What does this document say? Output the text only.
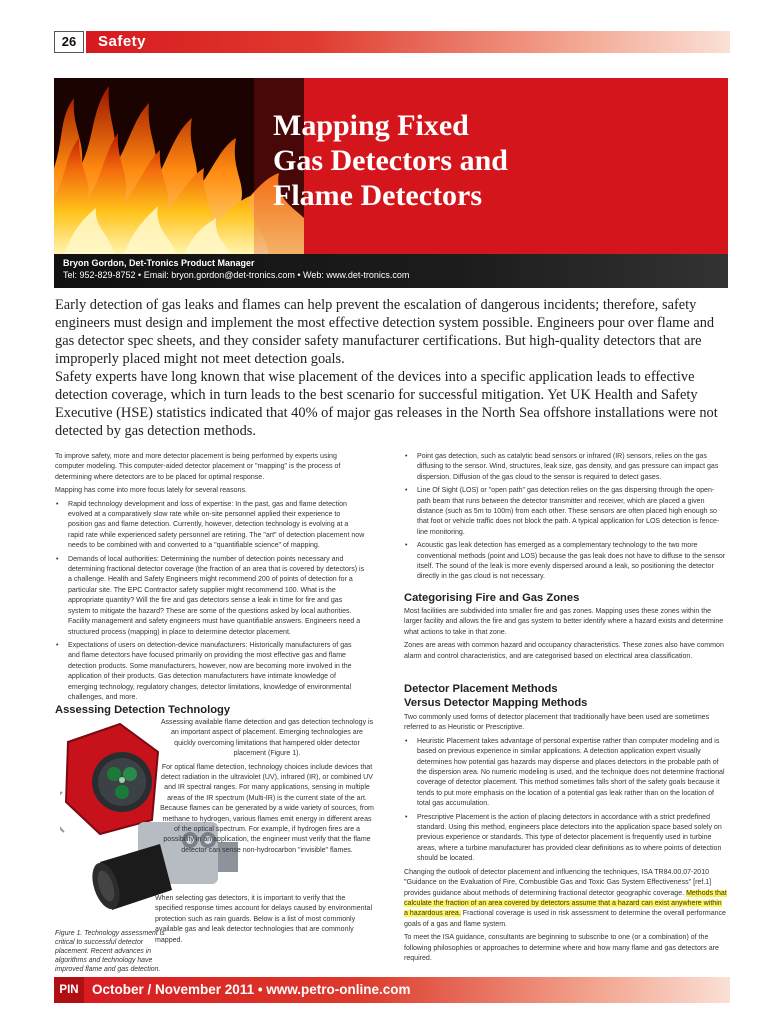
26	Safety
Mapping Fixed
Gas Detectors and
Flame Detectors
Bryon Gordon, Det-Tronics Product Manager
Tel: 952-829-8752 • Email: bryon.gordon@det-tronics.com • Web: www.det-tronics.com

Early detection of gas leaks and flames can help prevent the escalation of dangerous incidents; therefore, safety engineers must design and implement the most effective detection system possible. Engineers pour over flame and gas detector spec sheets, and they consider safety manufacturer certifications. But high-quality detectors that are improperly placed might not meet detection goals.

Safety experts have long known that wise placement of the devices into a specific application leads to effective detection coverage, which in turn leads to the best scenario for successful mitigation. Yet UK Health and Safety Executive (HSE) statistics indicated that 40% of major gas releases in the North Sea offshore installations were not detected by gas detection methods.

To improve safety, more and more detector placement is being performed by experts using computer modeling. This computer-aided detector placement or "mapping" is the process of determining where detectors are to be placed for optimal response.

Mapping has come into more focus lately for several reasons.

• Rapid technology development and loss of expertise: In the past, gas and flame detection evolved at a comparatively slow rate while on-site personnel applied their experience to position gas and flame detection. Currently, however, detection technology is evolving at a rapid rate while experienced safety personnel are retiring. The "art" of detection placement now needs to be combined with and converted to a "quantifiable science" of mapping.
• Demands of local authorities: Determining the number of detection points necessary and determining fractional detector coverage (the fraction of an area that is covered by detectors) is a challenge. Health and Safety Engineers might recommend 200 of points of detection for a particular site. The EPC Contractor safety supplier might recommend 100. What is the appropriate quantity? Will the fire and gas detectors sense a leak in time for fire and gas system to mitigate the hazard? These are some of the questions asked by local authorities. Facility management and safety engineers must have quantifiable answers. Engineers need a structured process (mapping) in place to determine detector placement.
• Expectations of users on detection-device manufacturers: Historically manufacturers of gas and flame detectors have focused primarily on providing the most effective gas and flame detection products. Some manufacturers, however, now are becoming more involved in the application of their products. Gas detection manufacturers have intimate knowledge of emerging technology, regulatory changes, detector limitations, knowledge of environmental challenges, and more.
Assessing Detection Technology

Assessing available flame detection and gas detection technology is an important aspect of placement. Emerging technologies are quickly overcoming limitations that hampered older detector placement (Figure 1).

For optical flame detection, technology choices include devices that detect radiation in the ultraviolet (UV), infrared (IR), or combined UV and IR spectral ranges. For many applications, sensing in multiple areas of the IR spectrum (Multi-IR) is the current state of the art. Because flames can be generated by a wide variety of sources, from methane to hydrogen, various flames emit energy in different areas of the optical spectrum. For example, if hydrogen fires are a possibility in an application, the engineer must verify that the flame detector can sense non-hydrocarbon "invisible" flames.

When selecting gas detectors, it is important to verify that the specified response times account for delays caused by environmental protection such as rain guards. Below is a list of most commonly available gas and leak detector technologies that are commonly mapped.

Figure 1. Technology assessment is critical to successful detector placement. Recent advances in algorithms and technology have improved flame and gas detection.
• Point gas detection, such as catalytic bead sensors or infrared (IR) sensors, relies on the gas diffusing to the sensor. Wind, structures, leak size, gas density, and gas pressure can impact gas dispersion. Diffusion of the gas cloud to the sensor is required to detect gases.
• Line Of Sight (LOS) or "open path" gas detection relies on the gas dispersing through the open-path beam that runs between the detector transmitter and receiver, which are placed a given distance (such as 5m to 100m) from each other. These sensors are often placed high enough so that foot or vehicle traffic does not block the path. A typical application for LOS detection is fence-line monitoring.
• Acoustic gas leak detection has emerged as a complementary technology to the two more conventional methods (point and LOS) because the gas leak does not have to diffuse to the sensor itself. The sound of the leak is more evenly dispersed around a leak, so positioning the detector directly in the gas cloud is not necessary.
Categorising Fire and Gas Zones

Most facilities are subdivided into smaller fire and gas zones. Mapping uses these zones within the larger facility and allows the fire and gas system to better identify where a hazard exists and determine what actions to take in that zone.

Zones are areas with common hazard and occupancy characteristics. These zones also have common alarm and control characteristics, and are categorised based on electrical area classification.

Detector Placement Methods
Versus Detector Mapping Methods

Two commonly used forms of detector placement that traditionally have been used are sometimes referred to as Heuristic or Prescriptive.

• Heuristic Placement takes advantage of personal expertise rather than computer modeling and is based on previous experience in similar applications. A detection application expert visually determines how potential gas hazards may disperse and places detectors in the probable path of the dispersion area. No numeric modeling is used, and the technique does not determine fractional coverage of detector placement. This method sometimes falls short of the safety goals because it tends to put more emphasis on the location of a potential gas leak rather than on the location of total gas accumulation.
• Prescriptive Placement is the action of placing detectors in accordance with a strict predefined standard. Using this method, engineers place detectors into the application space based solely on previous experience or standards. This type of detector placement is frequently used in turbine areas, where a turbine manufacturer has provided clear definitions as to where points of detection should be located.

Changing the outlook of detector placement and influencing the techniques, ISA TR84.00.07-2010 "Guidance on the Evaluation of Fire, Combustible Gas and Toxic Gas System Effectiveness" [ref.1] provides guidance about methods of determining fractional detector geographic coverage. Methods that calculate the fraction of an area covered by detectors assume that a hazard can exist anywhere within a hazardous area. Fractional coverage is used in risk assessment to determine the overall performance goals of a gas and flame system.

To meet the ISA guidance, consultants are beginning to subscribe to one (or a combination) of the following philosophies or approaches to determine where and how many flame and gas detectors are required.

PIN October / November 2011 • www.petro-online.com
